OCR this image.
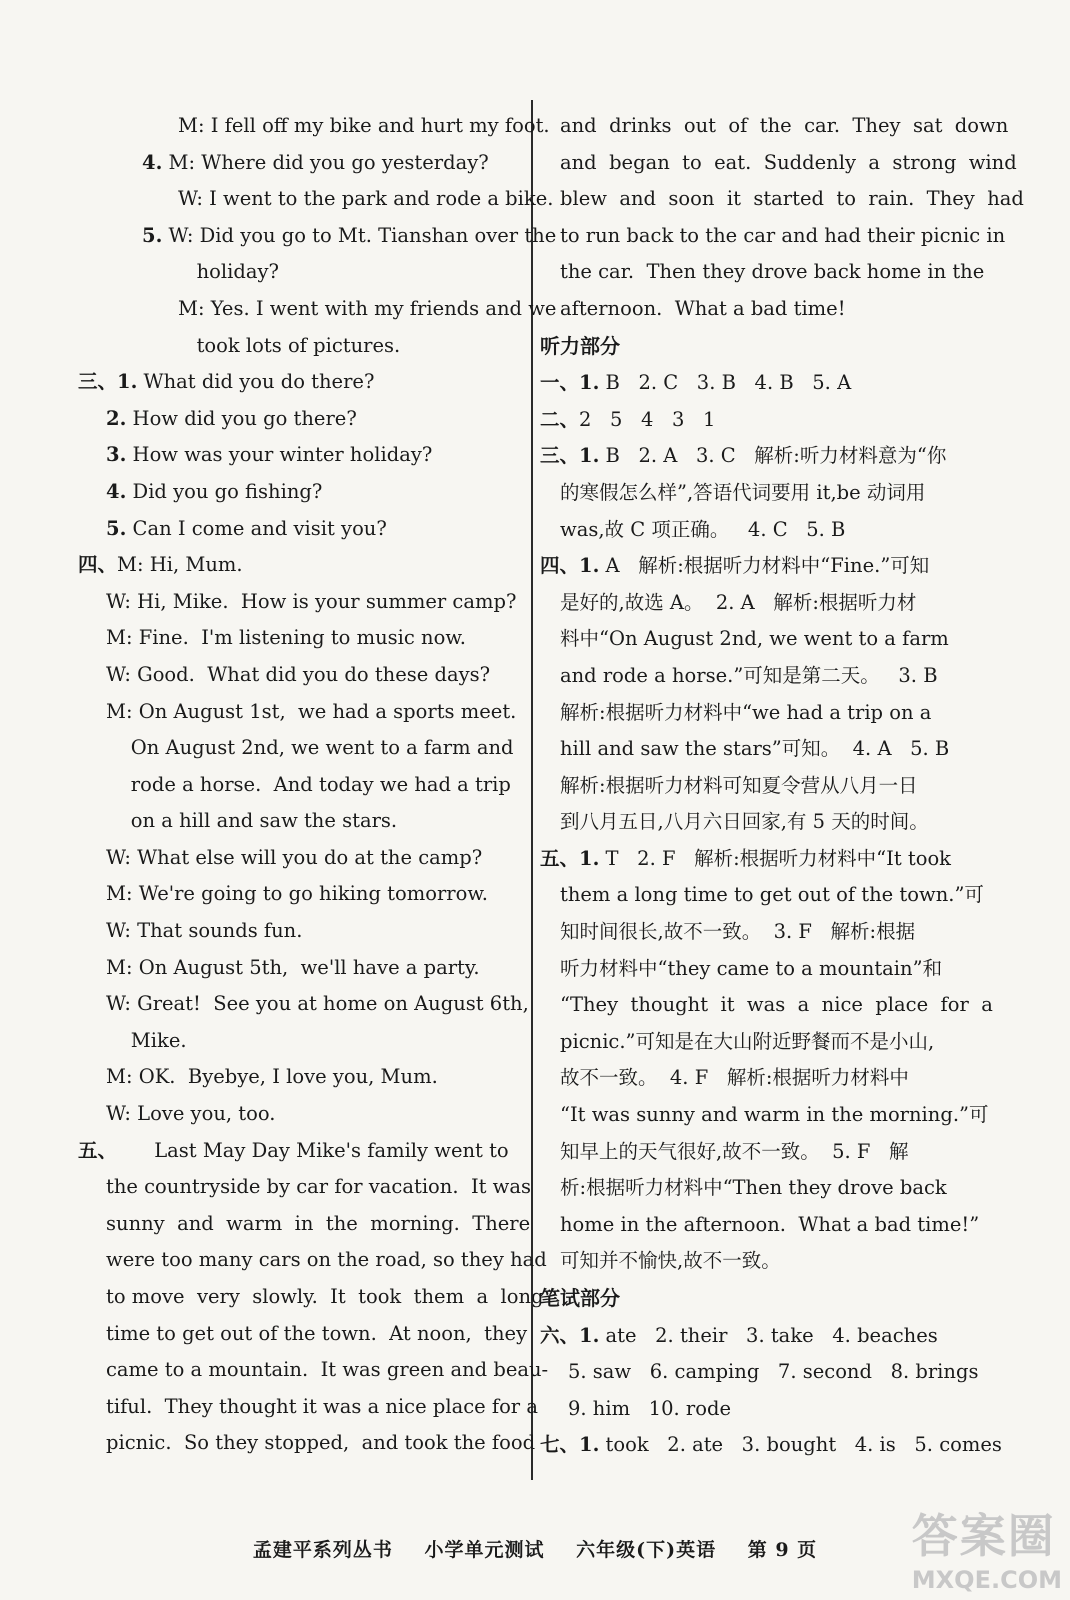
M: I fell off my bike and hurt my foot.
4. M: Where did you go yesterday?
W: I went to the park and rode a bike.
5. W: Did you go to Mt. Tianshan over the
holiday?
M: Yes. I went with my friends and we
took lots of pictures.
三、1. What did you do there?
2. How did you go there?
3. How was your winter holiday?
4. Did you go fishing?
5. Can I come and visit you?
四、M: Hi, Mum.
W: Hi, Mike.  How is your summer camp?
M: Fine.  I'm listening to music now.
W: Good.  What did you do these days?
M: On August 1st,  we had a sports meet.
On August 2nd, we went to a farm and
rode a horse.  And today we had a trip
on a hill and saw the stars.
W: What else will you do at the camp?
M: We're going to go hiking tomorrow.
W: That sounds fun.
M: On August 5th,  we'll have a party.
W: Great!  See you at home on August 6th,
Mike.
M: OK.  Byebye, I love you, Mum.
W: Love you, too.
五、      Last May Day Mike's family went to
the countryside by car for vacation.  It was
sunny  and  warm  in  the  morning.  There
were too many cars on the road, so they had
to move  very  slowly.  It  took  them  a  long
time to get out of the town.  At noon,  they
came to a mountain.  It was green and beau-
tiful.  They thought it was a nice place for a
picnic.  So they stopped,  and took the food
and  drinks  out  of  the  car.  They  sat  down
and  began  to  eat.  Suddenly  a  strong  wind
blew  and  soon  it  started  to  rain.  They  had
to run back to the car and had their picnic in
the car.  Then they drove back home in the
afternoon.  What a bad time!
听力部分
一、1. B   2. C   3. B   4. B   5. A
二、2   5   4   3   1
三、1. B   2. A   3. C   解析:听力材料意为“你
的寒假怎么样”,答语代词要用 it,be 动词用
was,故 C 项正确。   4. C   5. B
四、1. A   解析:根据听力材料中“Fine.”可知
是好的,故选 A。  2. A   解析:根据听力材
料中“On August 2nd, we went to a farm
and rode a horse.”可知是第二天。   3. B
解析:根据听力材料中“we had a trip on a
hill and saw the stars”可知。  4. A   5. B
解析:根据听力材料可知夏令营从八月一日
到八月五日,八月六日回家,有 5 天的时间。
五、1. T   2. F   解析:根据听力材料中“It took
them a long time to get out of the town.”可
知时间很长,故不一致。  3. F   解析:根据
听力材料中“they came to a mountain”和
“They  thought  it  was  a  nice  place  for  a
picnic.”可知是在大山附近野餐而不是小山,
故不一致。  4. F   解析:根据听力材料中
“It was sunny and warm in the morning.”可
知早上的天气很好,故不一致。  5. F   解
析:根据听力材料中“Then they drove back
home in the afternoon.  What a bad time!”
可知并不愉快,故不一致。
笔试部分
六、1. ate   2. their   3. take   4. beaches
5. saw   6. camping   7. second   8. brings
9. him   10. rode
七、1. took   2. ate   3. bought   4. is   5. comes
孟建平系列丛书 小学单元测试 六年级(下)英语 第 9 页	答案圈
MXQE.COM
